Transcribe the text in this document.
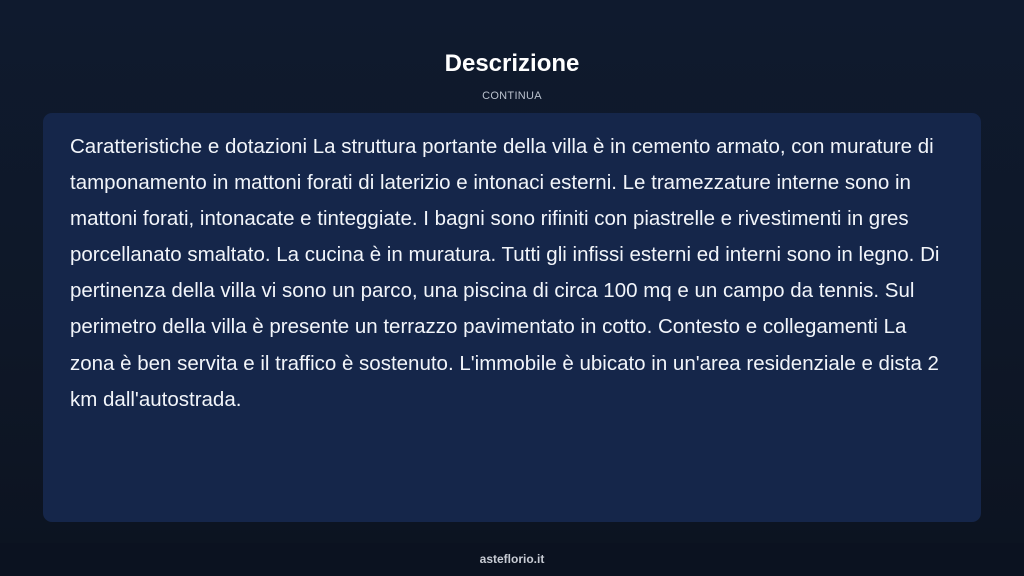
Descrizione
CONTINUA

Caratteristiche e dotazioni La struttura portante della villa è in cemento armato, con murature di tamponamento in mattoni forati di laterizio e intonaci esterni. Le tramezzature interne sono in mattoni forati, intonacate e tinteggiate. I bagni sono rifiniti con piastrelle e rivestimenti in gres porcellanato smaltato. La cucina è in muratura. Tutti gli infissi esterni ed interni sono in legno. Di pertinenza della villa vi sono un parco, una piscina di circa 100 mq e un campo da tennis. Sul perimetro della villa è presente un terrazzo pavimentato in cotto. Contesto e collegamenti La zona è ben servita e il traffico è sostenuto. L'immobile è ubicato in un'area residenziale e dista 2 km dall'autostrada.

asteflorio.it
